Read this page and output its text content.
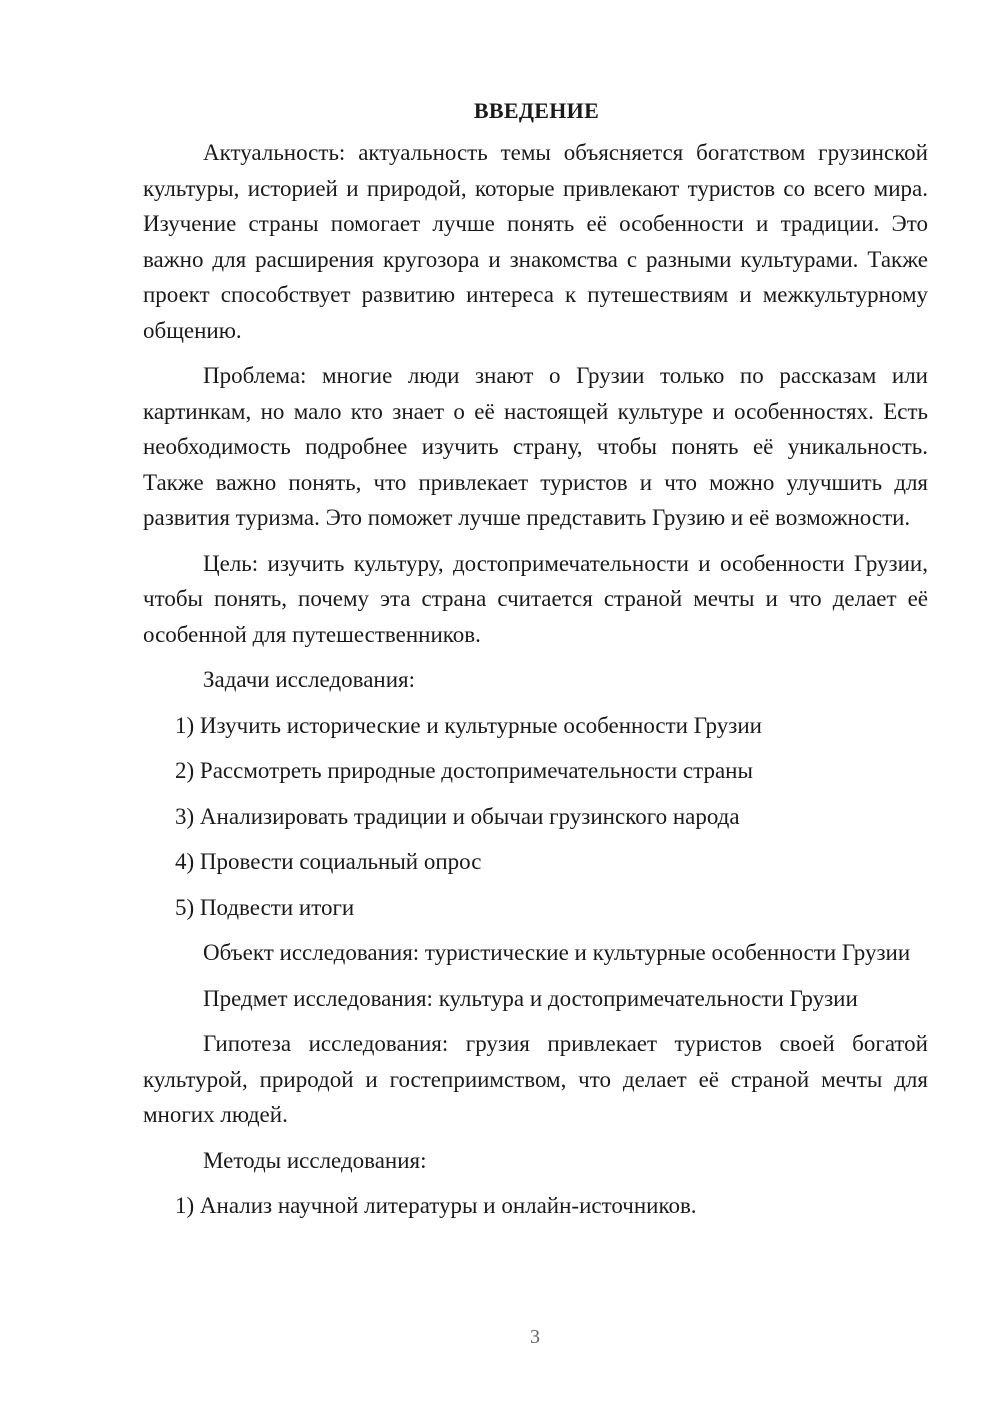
ВВЕДЕНИЕ

Актуальность: актуальность темы объясняется богатством грузинской культуры, историей и природой, которые привлекают туристов со всего мира. Изучение страны помогает лучше понять её особенности и традиции. Это важно для расширения кругозора и знакомства с разными культурами. Также проект способствует развитию интереса к путешествиям и межкультурному общению.

Проблема: многие люди знают о Грузии только по рассказам или картинкам, но мало кто знает о её настоящей культуре и особенностях. Есть необходимость подробнее изучить страну, чтобы понять её уникальность. Также важно понять, что привлекает туристов и что можно улучшить для развития туризма. Это поможет лучше представить Грузию и её возможности.

Цель: изучить культуру, достопримечательности и особенности Грузии, чтобы понять, почему эта страна считается страной мечты и что делает её особенной для путешественников.

Задачи исследования:

1) Изучить исторические и культурные особенности Грузии

2) Рассмотреть природные достопримечательности страны

3) Анализировать традиции и обычаи грузинского народа

4) Провести социальный опрос

5) Подвести итоги

Объект исследования: туристические и культурные особенности Грузии

Предмет исследования: культура и достопримечательности Грузии

Гипотеза исследования: грузия привлекает туристов своей богатой культурой, природой и гостеприимством, что делает её страной мечты для многих людей.

Методы исследования:

1) Анализ научной литературы и онлайн-источников.

3
